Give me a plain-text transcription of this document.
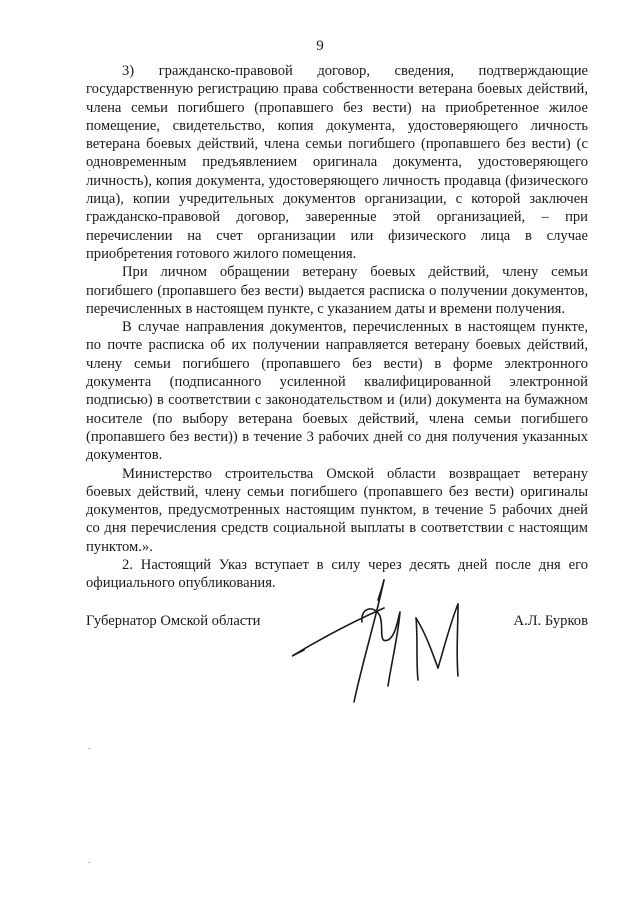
9

3) гражданско-правовой договор, сведения, подтверждающие государственную регистрацию права собственности ветерана боевых действий, члена семьи погибшего (пропавшего без вести) на приобретенное жилое помещение, свидетельство, копия документа, удостоверяющего личность ветерана боевых действий, члена семьи погибшего (пропавшего без вести) (с одновременным предъявлением оригинала документа, удостоверяющего личность), копия документа, удостоверяющего личность продавца (физического лица), копии учредительных документов организации, с которой заключен гражданско-правовой договор, заверенные этой организацией, – при перечислении на счет организации или физического лица в случае приобретения готового жилого помещения.

При личном обращении ветерану боевых действий, члену семьи погибшего (пропавшего без вести) выдается расписка о получении документов, перечисленных в настоящем пункте, с указанием даты и времени получения.

В случае направления документов, перечисленных в настоящем пункте, по почте расписка об их получении направляется ветерану боевых действий, члену семьи погибшего (пропавшего без вести) в форме электронного документа (подписанного усиленной квалифицированной электронной подписью) в соответствии с законодательством и (или) документа на бумажном носителе (по выбору ветерана боевых действий, члена семьи погибшего (пропавшего без вести)) в течение 3 рабочих дней со дня получения указанных документов.

Министерство строительства Омской области возвращает ветерану боевых действий, члену семьи погибшего (пропавшего без вести) оригиналы документов, предусмотренных настоящим пунктом, в течение 5 рабочих дней со дня перечисления средств социальной выплаты в соответствии с настоящим пунктом.».

2. Настоящий Указ вступает в силу через десять дней после дня его официального опубликования.

Губернатор Омской области	А.Л. Бурков
